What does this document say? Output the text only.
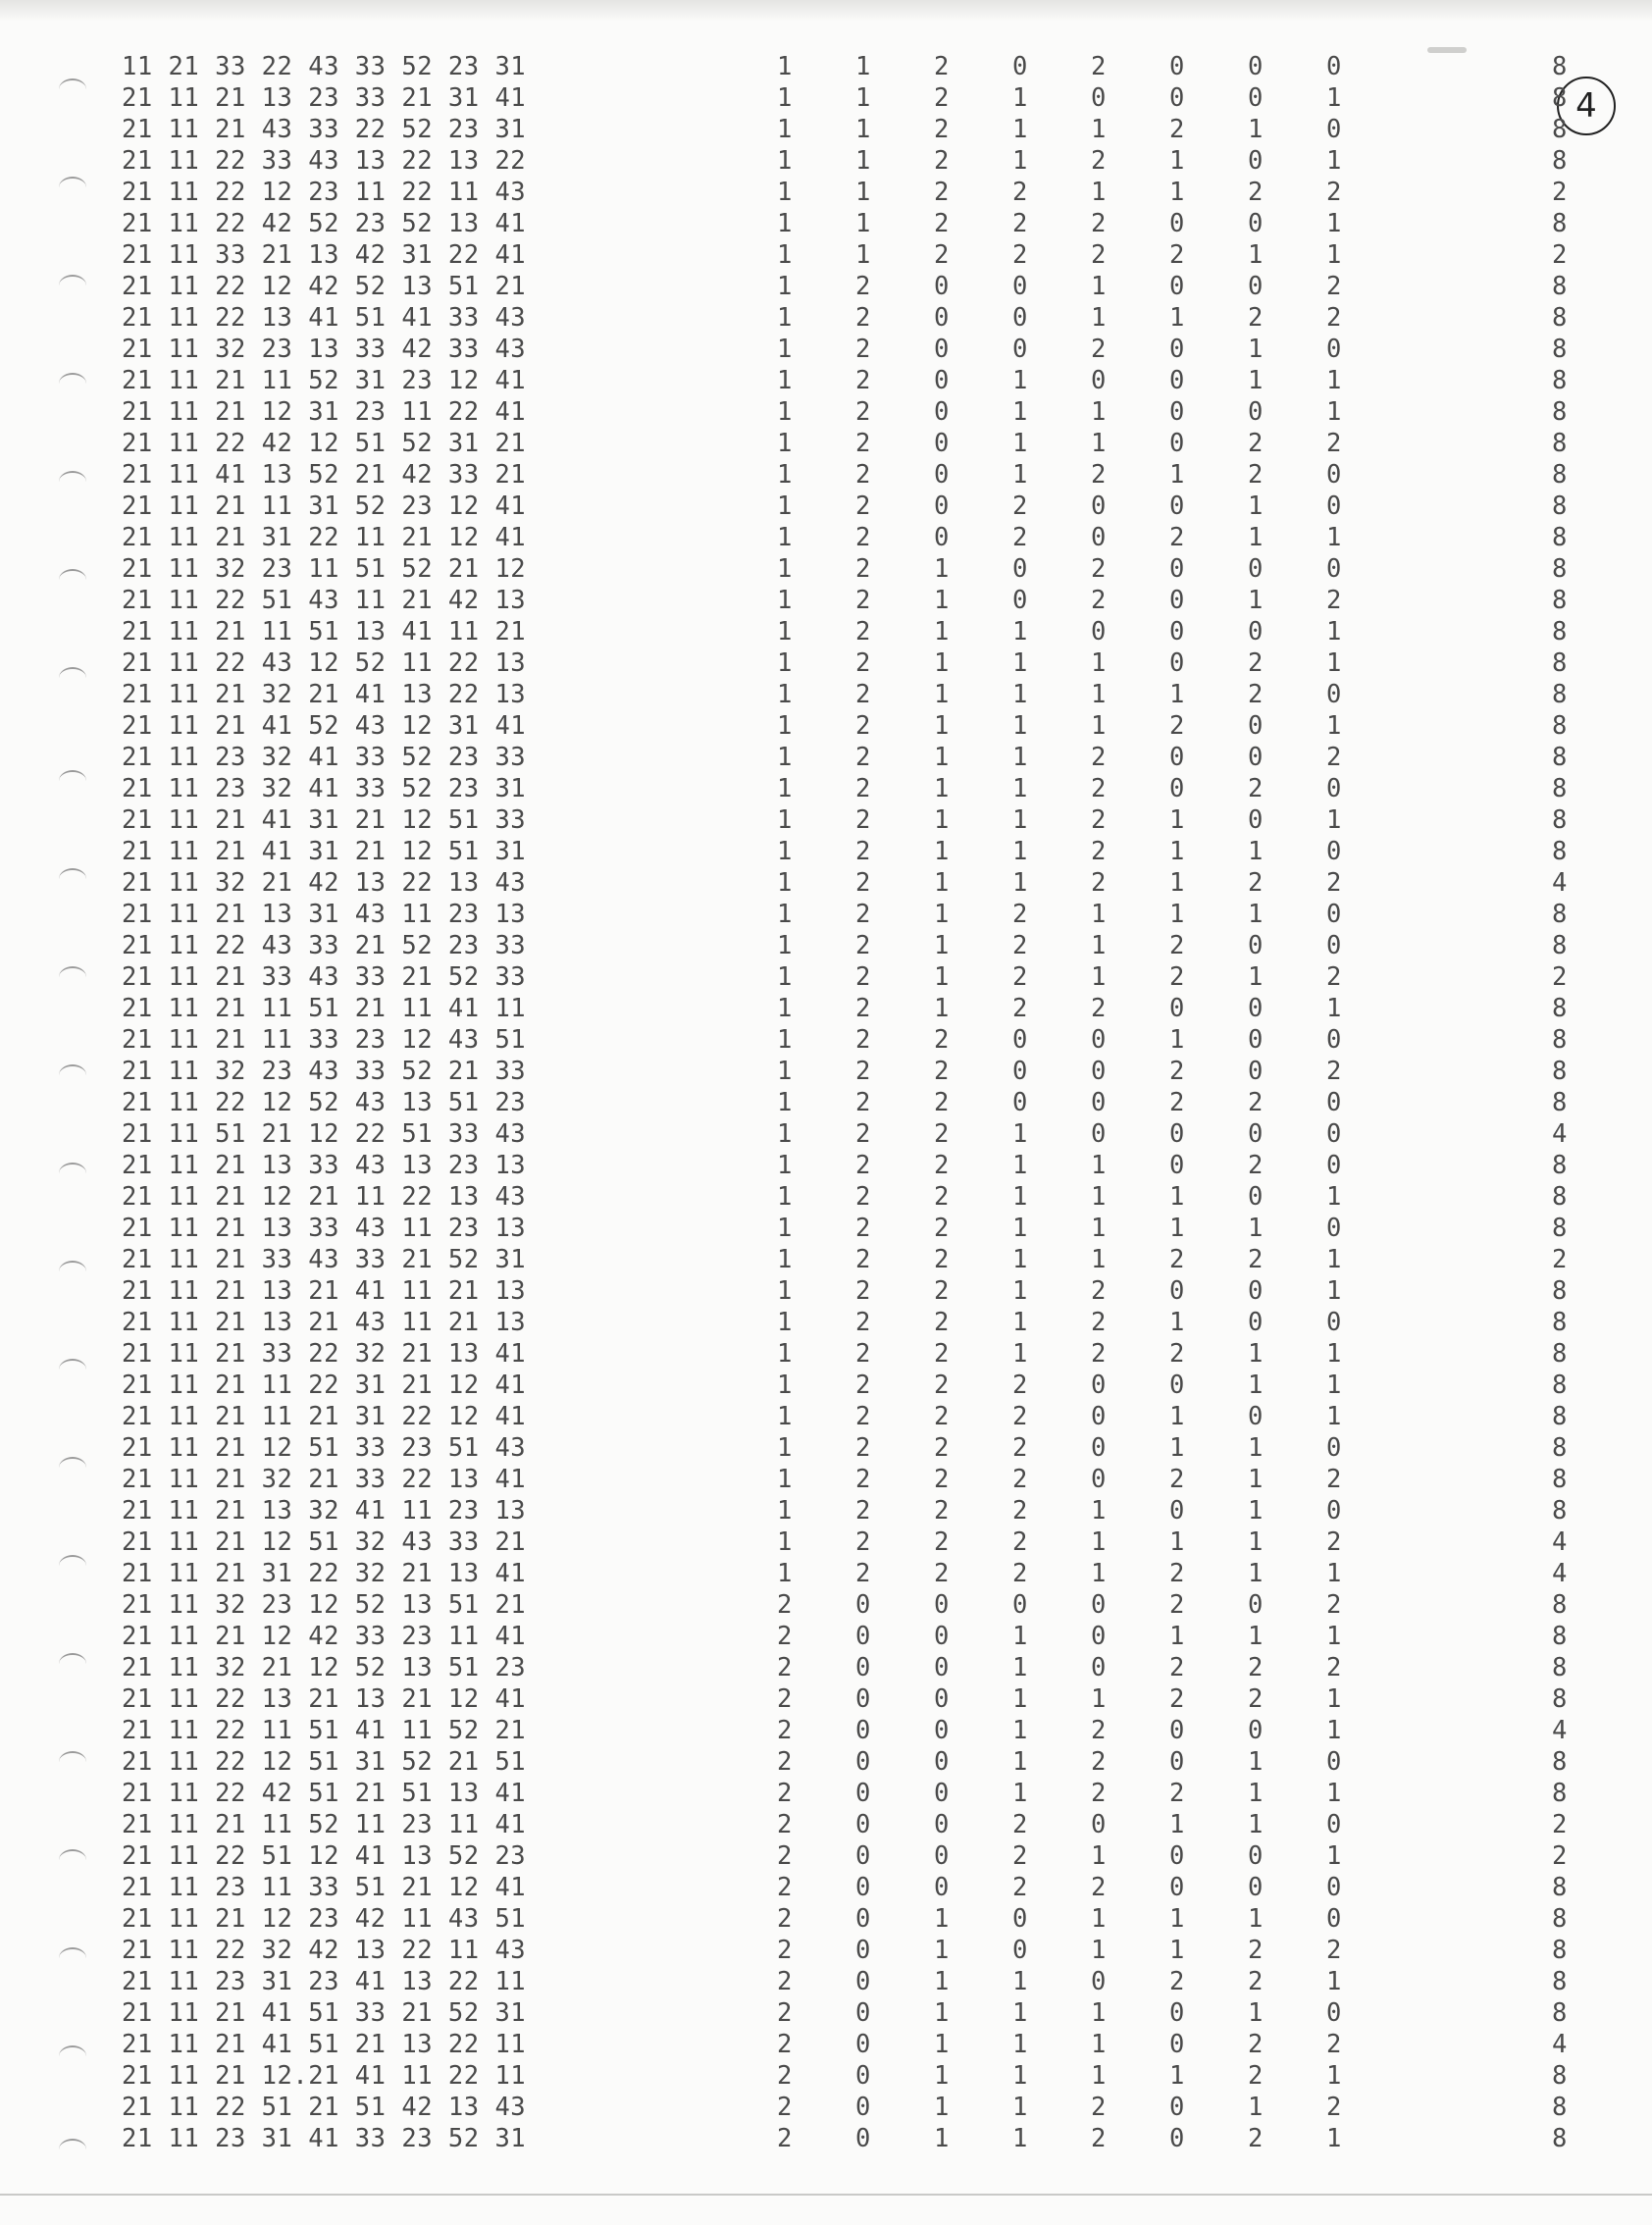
4
11 21 33 22 43 33 52 23 31	1	1	2	0	2	0	0	0		8
21 11 21 13 23 33 21 31 41	1	1	2	1	0	0	0	1		8
21 11 21 43 33 22 52 23 31	1	1	2	1	1	2	1	0		8
21 11 22 33 43 13 22 13 22	1	1	2	1	2	1	0	1		8
21 11 22 12 23 11 22 11 43	1	1	2	2	1	1	2	2		2
21 11 22 42 52 23 52 13 41	1	1	2	2	2	0	0	1		8
21 11 33 21 13 42 31 22 41	1	1	2	2	2	2	1	1		2
21 11 22 12 42 52 13 51 21	1	2	0	0	1	0	0	2		8
21 11 22 13 41 51 41 33 43	1	2	0	0	1	1	2	2		8
21 11 32 23 13 33 42 33 43	1	2	0	0	2	0	1	0		8
21 11 21 11 52 31 23 12 41	1	2	0	1	0	0	1	1		8
21 11 21 12 31 23 11 22 41	1	2	0	1	1	0	0	1		8
21 11 22 42 12 51 52 31 21	1	2	0	1	1	0	2	2		8
21 11 41 13 52 21 42 33 21	1	2	0	1	2	1	2	0		8
21 11 21 11 31 52 23 12 41	1	2	0	2	0	0	1	0		8
21 11 21 31 22 11 21 12 41	1	2	0	2	0	2	1	1		8
21 11 32 23 11 51 52 21 12	1	2	1	0	2	0	0	0		8
21 11 22 51 43 11 21 42 13	1	2	1	0	2	0	1	2		8
21 11 21 11 51 13 41 11 21	1	2	1	1	0	0	0	1		8
21 11 22 43 12 52 11 22 13	1	2	1	1	1	0	2	1		8
21 11 21 32 21 41 13 22 13	1	2	1	1	1	1	2	0		8
21 11 21 41 52 43 12 31 41	1	2	1	1	1	2	0	1		8
21 11 23 32 41 33 52 23 33	1	2	1	1	2	0	0	2		8
21 11 23 32 41 33 52 23 31	1	2	1	1	2	0	2	0		8
21 11 21 41 31 21 12 51 33	1	2	1	1	2	1	0	1		8
21 11 21 41 31 21 12 51 31	1	2	1	1	2	1	1	0		8
21 11 32 21 42 13 22 13 43	1	2	1	1	2	1	2	2		4
21 11 21 13 31 43 11 23 13	1	2	1	2	1	1	1	0		8
21 11 22 43 33 21 52 23 33	1	2	1	2	1	2	0	0		8
21 11 21 33 43 33 21 52 33	1	2	1	2	1	2	1	2		2
21 11 21 11 51 21 11 41 11	1	2	1	2	2	0	0	1		8
21 11 21 11 33 23 12 43 51	1	2	2	0	0	1	0	0		8
21 11 32 23 43 33 52 21 33	1	2	2	0	0	2	0	2		8
21 11 22 12 52 43 13 51 23	1	2	2	0	0	2	2	0		8
21 11 51 21 12 22 51 33 43	1	2	2	1	0	0	0	0		4
21 11 21 13 33 43 13 23 13	1	2	2	1	1	0	2	0		8
21 11 21 12 21 11 22 13 43	1	2	2	1	1	1	0	1		8
21 11 21 13 33 43 11 23 13	1	2	2	1	1	1	1	0		8
21 11 21 33 43 33 21 52 31	1	2	2	1	1	2	2	1		2
21 11 21 13 21 41 11 21 13	1	2	2	1	2	0	0	1		8
21 11 21 13 21 43 11 21 13	1	2	2	1	2	1	0	0		8
21 11 21 33 22 32 21 13 41	1	2	2	1	2	2	1	1		8
21 11 21 11 22 31 21 12 41	1	2	2	2	0	0	1	1		8
21 11 21 11 21 31 22 12 41	1	2	2	2	0	1	0	1		8
21 11 21 12 51 33 23 51 43	1	2	2	2	0	1	1	0		8
21 11 21 32 21 33 22 13 41	1	2	2	2	0	2	1	2		8
21 11 21 13 32 41 11 23 13	1	2	2	2	1	0	1	0		8
21 11 21 12 51 32 43 33 21	1	2	2	2	1	1	1	2		4
21 11 21 31 22 32 21 13 41	1	2	2	2	1	2	1	1		4
21 11 32 23 12 52 13 51 21	2	0	0	0	0	2	0	2		8
21 11 21 12 42 33 23 11 41	2	0	0	1	0	1	1	1		8
21 11 32 21 12 52 13 51 23	2	0	0	1	0	2	2	2		8
21 11 22 13 21 13 21 12 41	2	0	0	1	1	2	2	1		8
21 11 22 11 51 41 11 52 21	2	0	0	1	2	0	0	1		4
21 11 22 12 51 31 52 21 51	2	0	0	1	2	0	1	0		8
21 11 22 42 51 21 51 13 41	2	0	0	1	2	2	1	1		8
21 11 21 11 52 11 23 11 41	2	0	0	2	0	1	1	0		2
21 11 22 51 12 41 13 52 23	2	0	0	2	1	0	0	1		2
21 11 23 11 33 51 21 12 41	2	0	0	2	2	0	0	0		8
21 11 21 12 23 42 11 43 51	2	0	1	0	1	1	1	0		8
21 11 22 32 42 13 22 11 43	2	0	1	0	1	1	2	2		8
21 11 23 31 23 41 13 22 11	2	0	1	1	0	2	2	1		8
21 11 21 41 51 33 21 52 31	2	0	1	1	1	0	1	0		8
21 11 21 41 51 21 13 22 11	2	0	1	1	1	0	2	2		4
21 11 21 12.21 41 11 22 11	2	0	1	1	1	1	2	1		8
21 11 22 51 21 51 42 13 43	2	0	1	1	2	0	1	2		8
21 11 23 31 41 33 23 52 31	2	0	1	1	2	0	2	1		8
